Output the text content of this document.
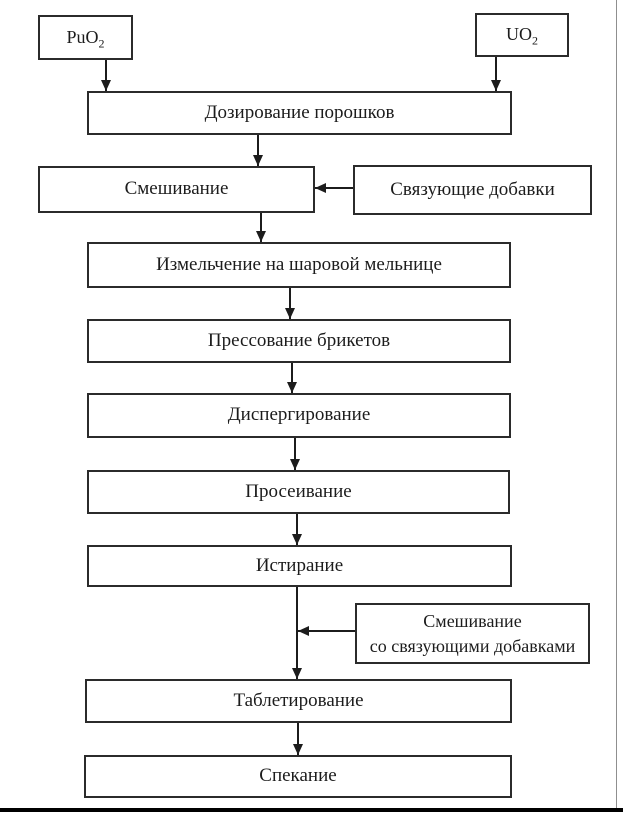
PuO$_2$	$UO_2$
Дозирование порошков
Смешивание	Связующие добавки
Измельчение на шаровой мельнице
Прессование брикетов
Диспергирование
Просеивание
Истирание
Смешивание
со связующими добавками
Таблетирование
Спекание
